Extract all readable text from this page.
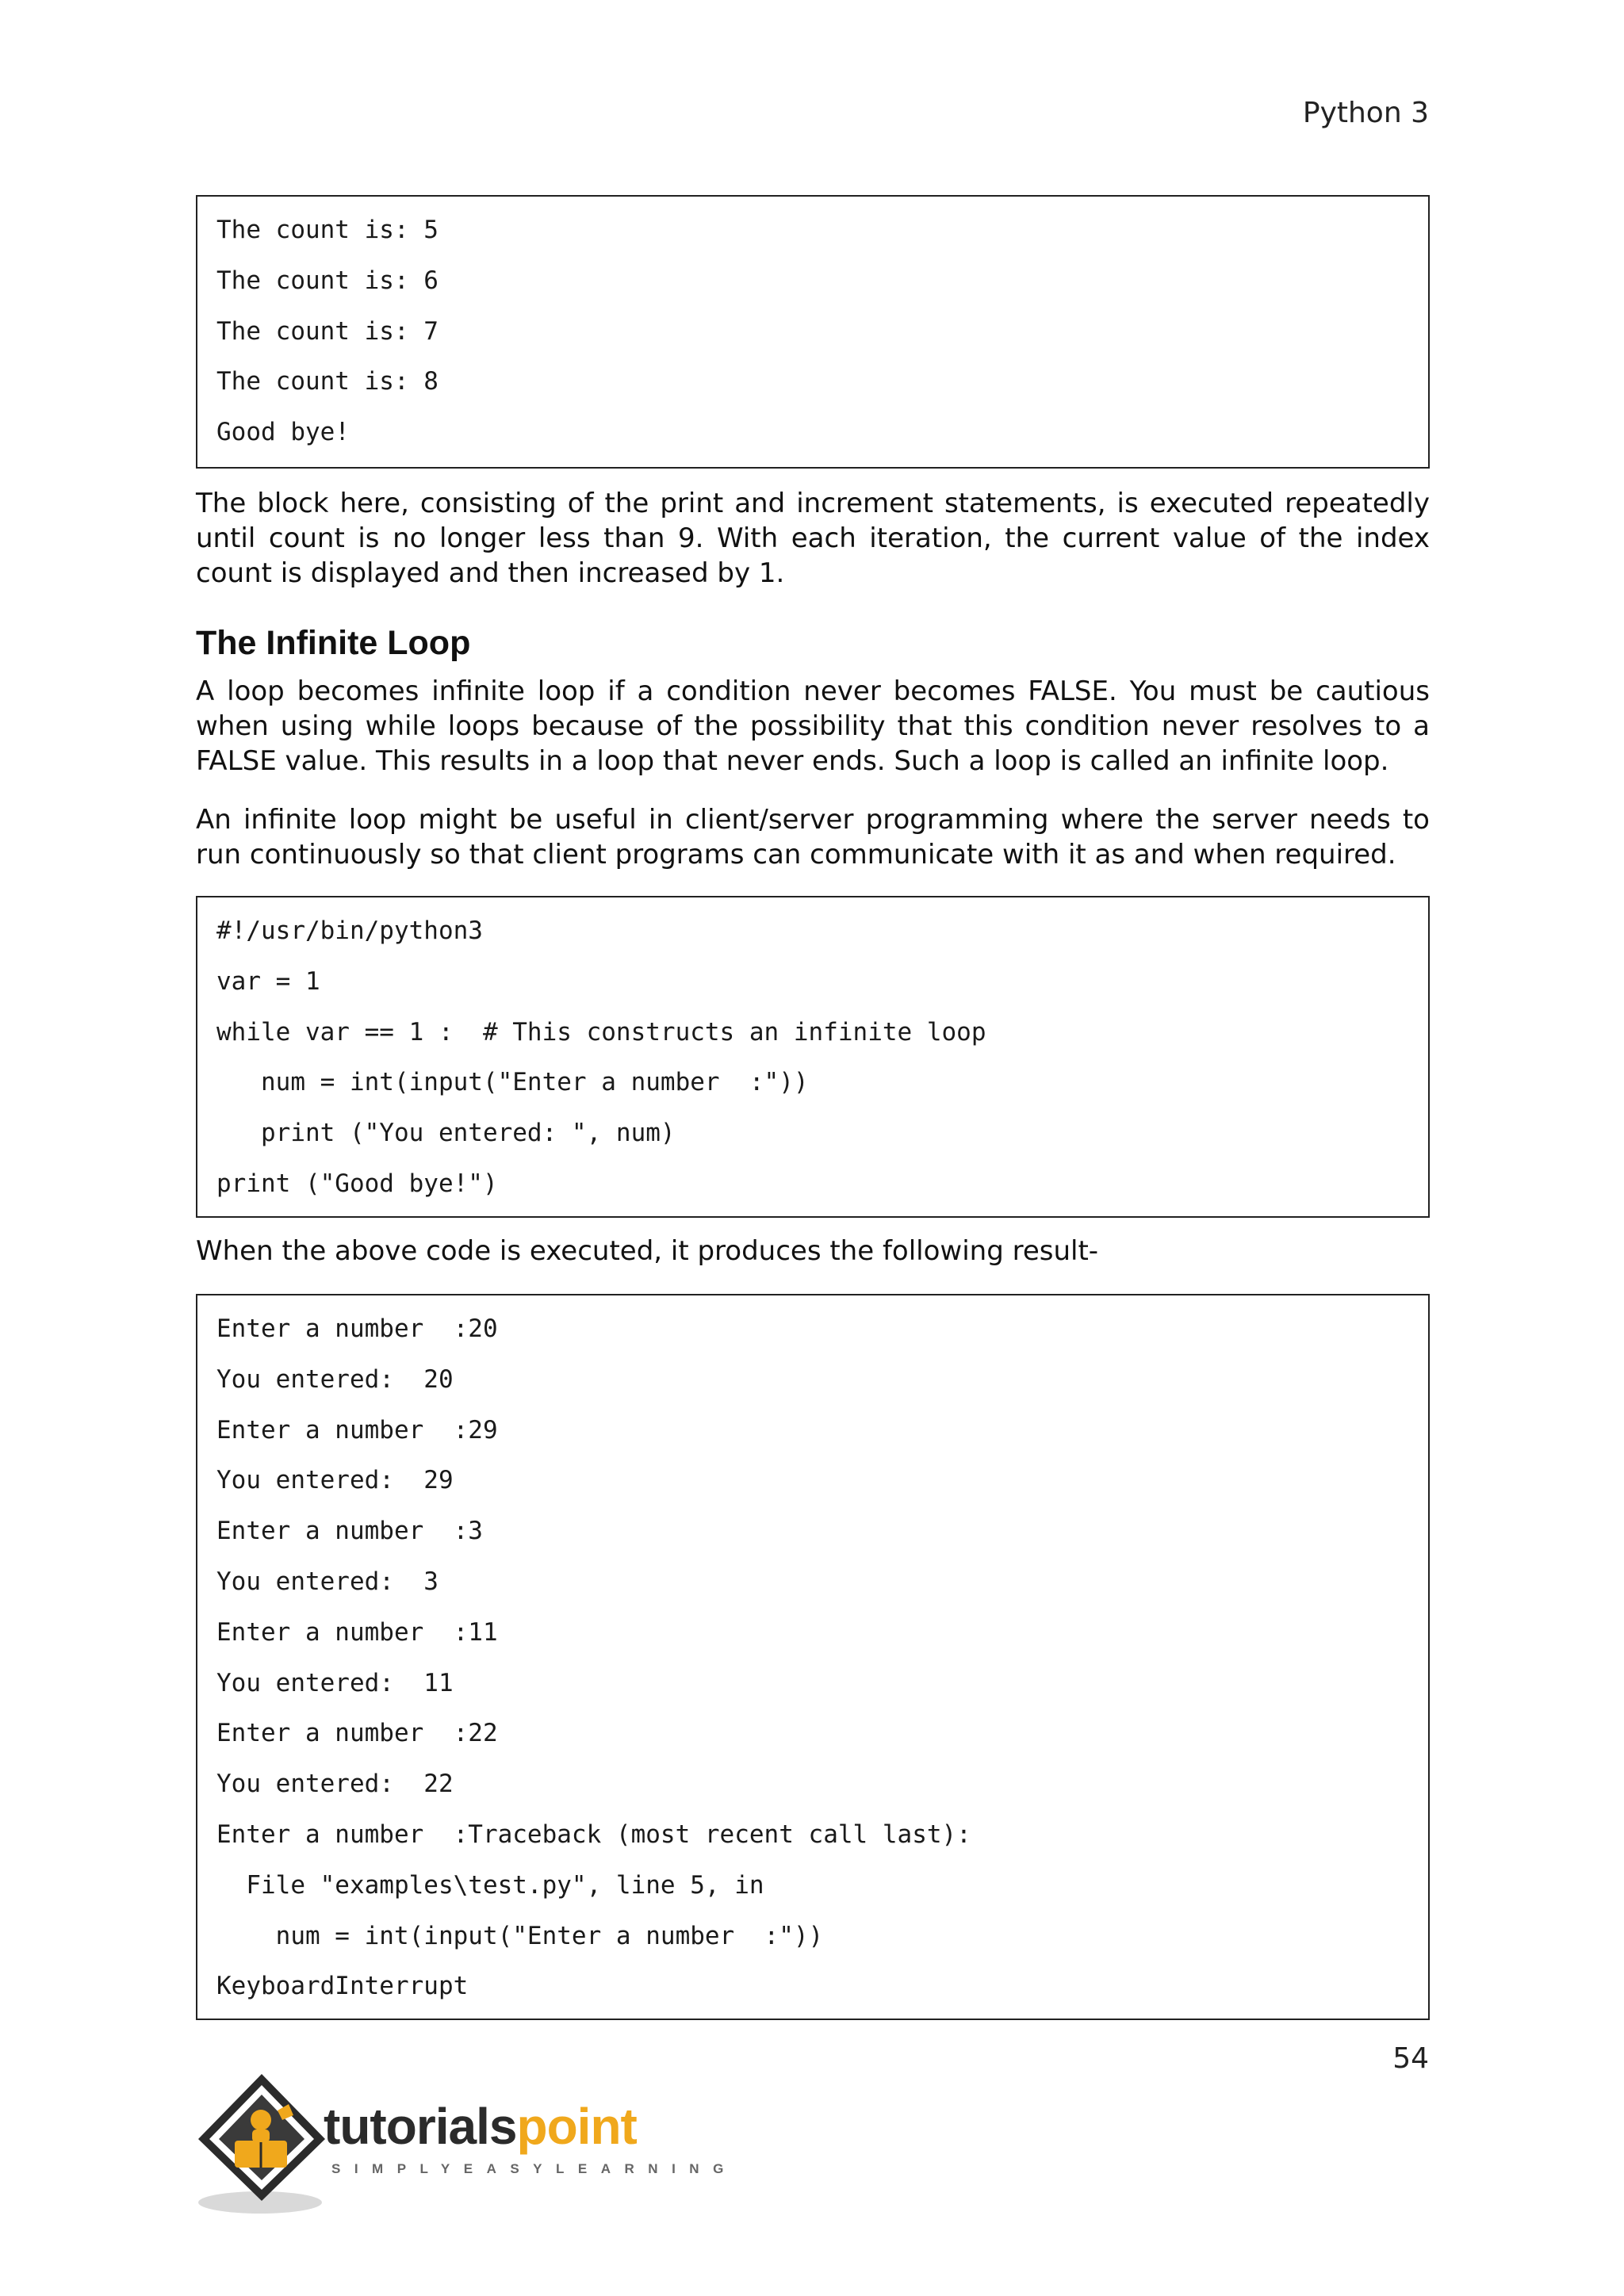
Python 3
The count is: 5
The count is: 6
The count is: 7
The count is: 8
Good bye!
The block here, consisting of the print and increment statements, is executed repeatedly until count is no longer less than 9. With each iteration, the current value of the index count is displayed and then increased by 1.
The Infinite Loop
A loop becomes infinite loop if a condition never becomes FALSE. You must be cautious when using while loops because of the possibility that this condition never resolves to a FALSE value. This results in a loop that never ends. Such a loop is called an infinite loop.
An infinite loop might be useful in client/server programming where the server needs to run continuously so that client programs can communicate with it as and when required.
#!/usr/bin/python3
var = 1
while var == 1 :  # This constructs an infinite loop
num = int(input("Enter a number  :"))
print ("You entered: ", num)
print ("Good bye!")
When the above code is executed, it produces the following result-
Enter a number  :20
You entered:  20
Enter a number  :29
You entered:  29
Enter a number  :3
You entered:  3
Enter a number  :11
You entered:  11
Enter a number  :22
You entered:  22
Enter a number  :Traceback (most recent call last):
File "examples\test.py", line 5, in
num = int(input("Enter a number  :"))
KeyboardInterrupt
54
tutorialspoint
SIMPLYEASYLEARNING
